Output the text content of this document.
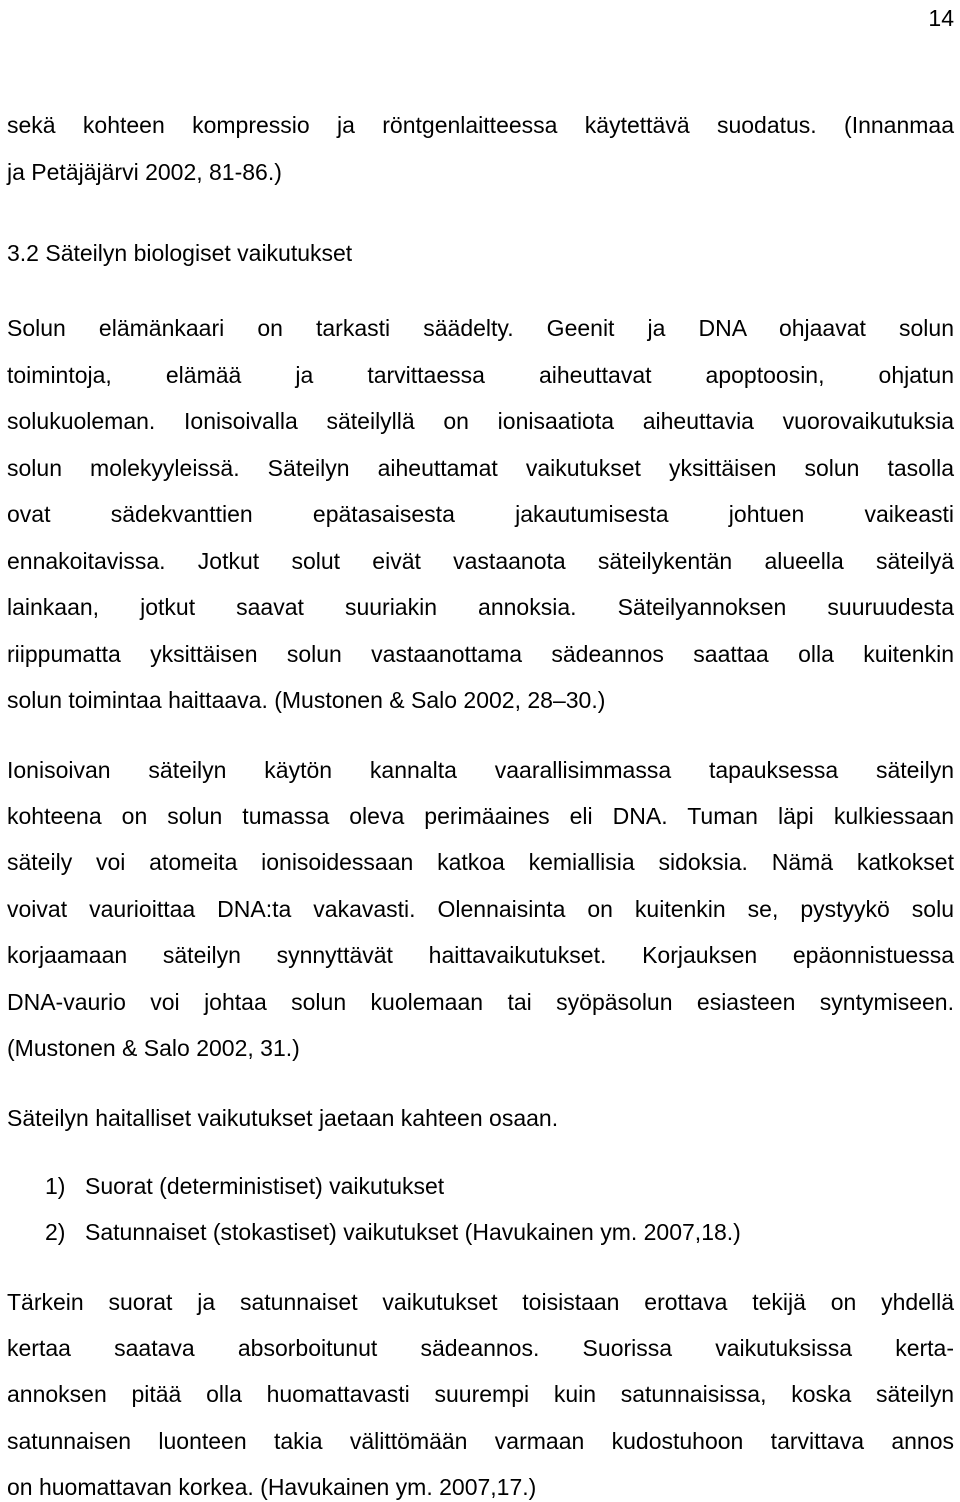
14
sekä kohteen kompressio ja röntgenlaitteessa käytettävä suodatus. (Innanmaa
ja Petäjäjärvi 2002, 81-86.)
3.2 Säteilyn biologiset vaikutukset
Solun elämänkaari on tarkasti säädelty. Geenit ja DNA ohjaavat solun
toimintoja, elämää ja tarvittaessa aiheuttavat apoptoosin, ohjatun
solukuoleman. Ionisoivalla säteilyllä on ionisaatiota aiheuttavia vuorovaikutuksia
solun molekyyleissä. Säteilyn aiheuttamat vaikutukset yksittäisen solun tasolla
ovat sädekvanttien epätasaisesta jakautumisesta johtuen vaikeasti
ennakoitavissa. Jotkut solut eivät vastaanota säteilykentän alueella säteilyä
lainkaan, jotkut saavat suuriakin annoksia. Säteilyannoksen suuruudesta
riippumatta yksittäisen solun vastaanottama sädeannos saattaa olla kuitenkin
solun toimintaa haittaava. (Mustonen & Salo 2002, 28–30.)
Ionisoivan säteilyn käytön kannalta vaarallisimmassa tapauksessa säteilyn
kohteena on solun tumassa oleva perimäaines eli DNA. Tuman läpi kulkiessaan
säteily voi atomeita ionisoidessaan katkoa kemiallisia sidoksia. Nämä katkokset
voivat vaurioittaa DNA:ta vakavasti. Olennaisinta on kuitenkin se, pystyykö solu
korjaamaan säteilyn synnyttävät haittavaikutukset. Korjauksen epäonnistuessa
DNA-vaurio voi johtaa solun kuolemaan tai syöpäsolun esiasteen syntymiseen.
(Mustonen & Salo 2002, 31.)
Säteilyn haitalliset vaikutukset jaetaan kahteen osaan.
1) Suorat (deterministiset) vaikutukset
2) Satunnaiset (stokastiset) vaikutukset (Havukainen ym. 2007,18.)
Tärkein suorat ja satunnaiset vaikutukset toisistaan erottava tekijä on yhdellä
kertaa saatava absorboitunut sädeannos. Suorissa vaikutuksissa kerta-
annoksen pitää olla huomattavasti suurempi kuin satunnaisissa, koska säteilyn
satunnaisen luonteen takia välittömään varmaan kudostuhoon tarvittava annos
on huomattavan korkea. (Havukainen ym. 2007,17.)
